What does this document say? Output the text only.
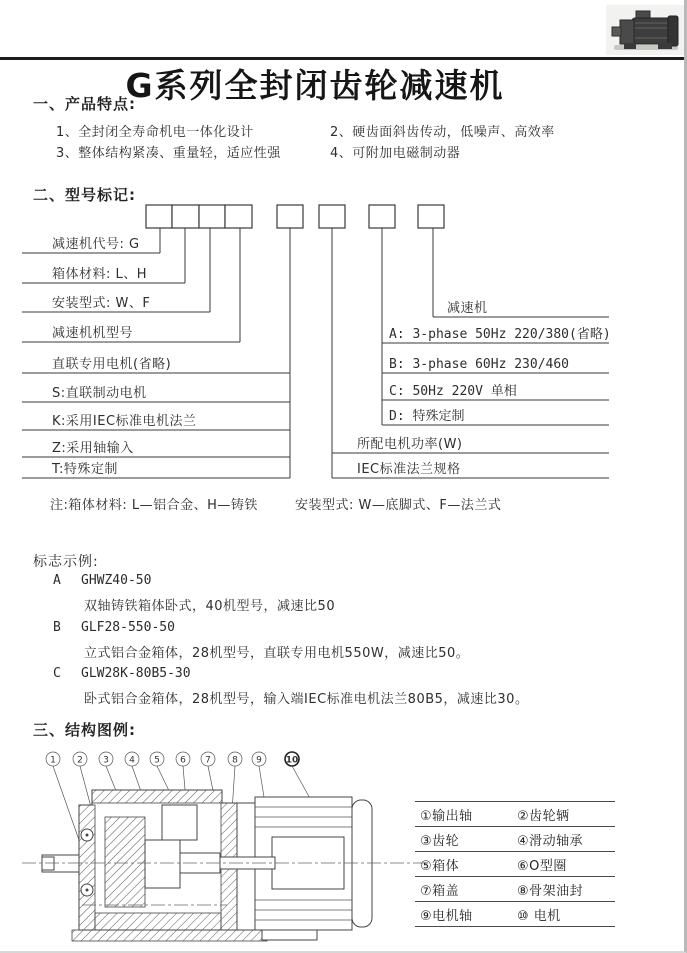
G系列全封闭齿轮减速机
一、产品特点:
1、全封闭全寿命机电一体化设计	2、硬齿面斜齿传动，低噪声、高效率
3、整体结构紧凑、重量轻，适应性强	4、可附加电磁制动器
二、型号标记:
减速机代号: G
箱体材料: L、H
安装型式: W、F
减速机机型号
直联专用电机(省略)
S:直联制动电机
K:采用IEC标准电机法兰
Z:采用轴输入
T:特殊定制
减速机
A: 3-phase 50Hz 220/380(省略)
B: 3-phase 60Hz 230/460
C: 50Hz 220V 单相
D: 特殊定制
所配电机功率(W)
IEC标准法兰规格
注:箱体材料: L—铝合金、H—铸铁	安装型式: W—底脚式、F—法兰式
标志示例:
A	GHWZ40-50
双轴铸铁箱体卧式，40机型号，减速比50
B	GLF28-550-50
立式铝合金箱体，28机型号，直联专用电机550W，减速比50。
C	GLW28K-80B5-30
卧式铝合金箱体，28机型号，输入端IEC标准电机法兰80B5，减速比30。
三、结构图例:
1 2 3 4 5 6 7 8 9	10
①输出轴	②齿轮辆
③齿轮	④滑动轴承
⑤箱体	⑥O型圈
⑦箱盖	⑧骨架油封
⑨电机轴	⑩ 电机
